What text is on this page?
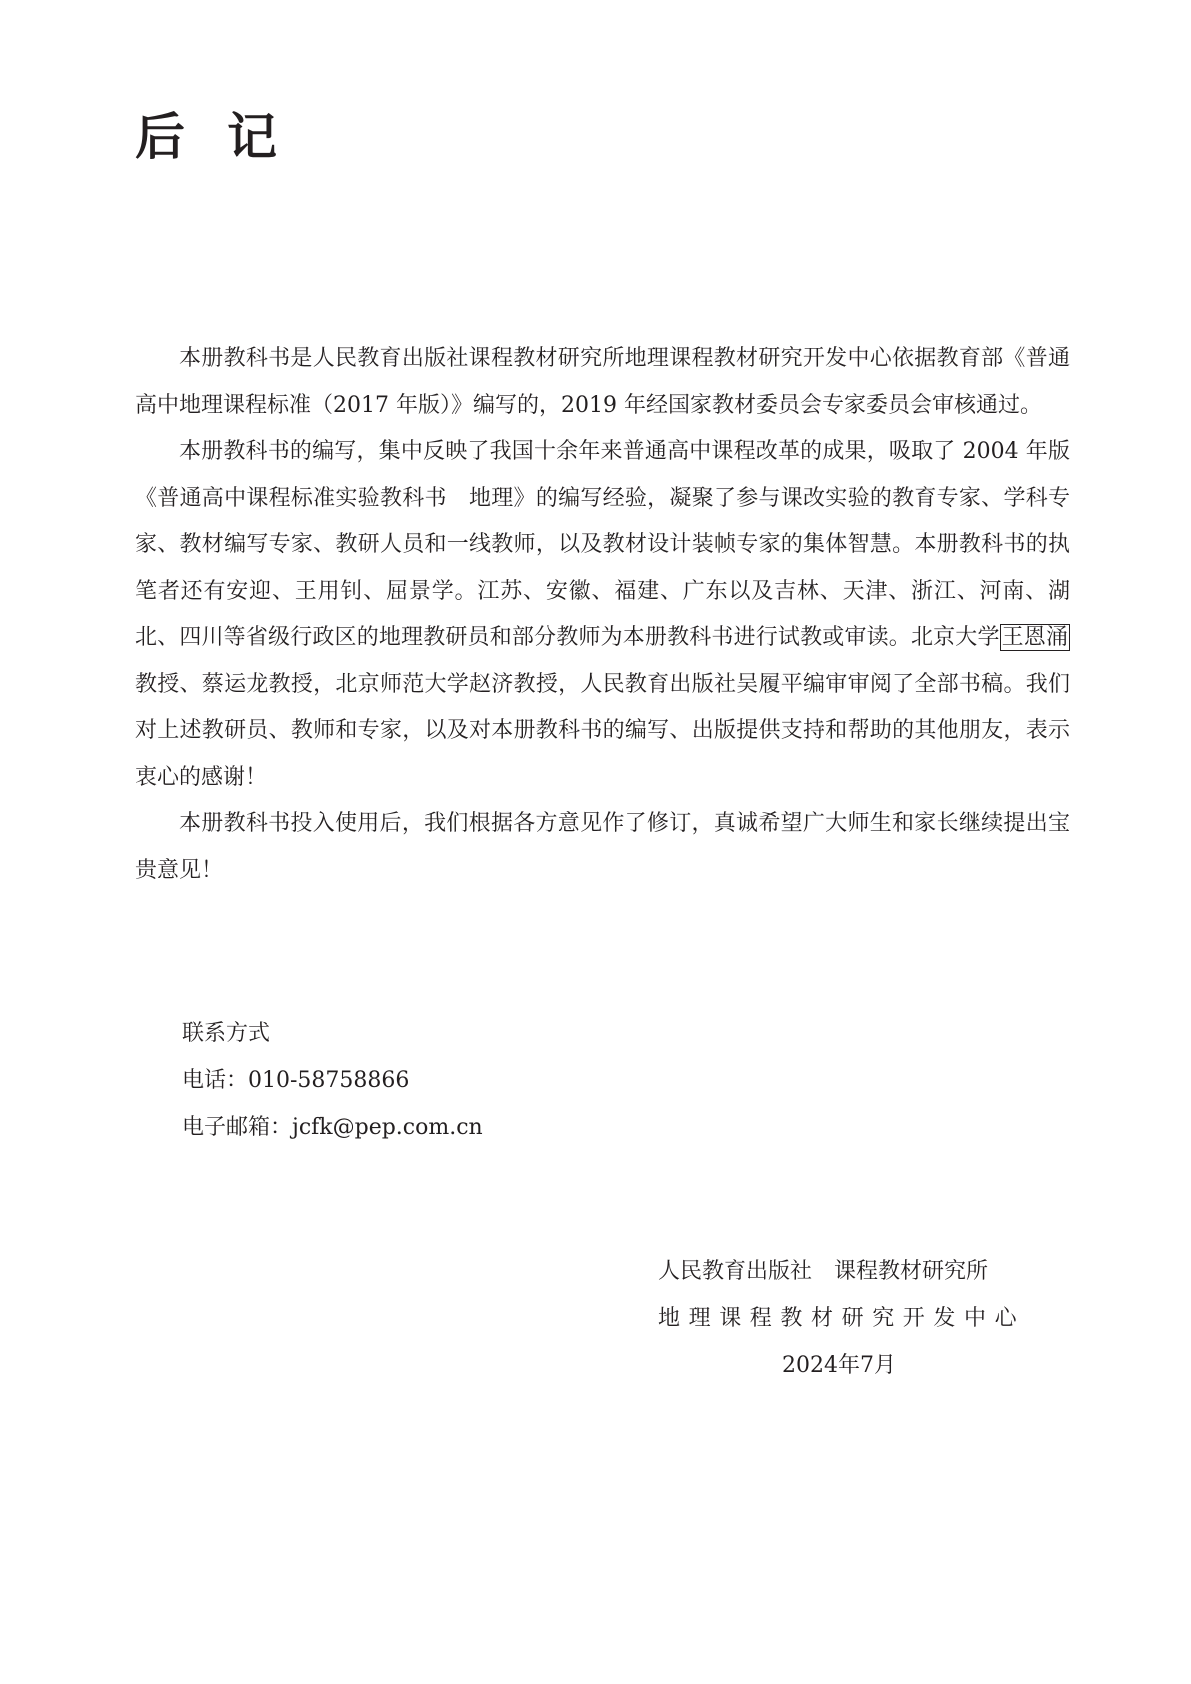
后记

本册教科书是人民教育出版社课程教材研究所地理课程教材研究开发中心依据教育部《普通高中地理课程标准（2017 年版）》编写的，2019 年经国家教材委员会专家委员会审核通过。

本册教科书的编写，集中反映了我国十余年来普通高中课程改革的成果，吸取了 2004 年版《普通高中课程标准实验教科书　地理》的编写经验，凝聚了参与课改实验的教育专家、学科专家、教材编写专家、教研人员和一线教师，以及教材设计装帧专家的集体智慧。本册教科书的执笔者还有安迎、王用钊、屈景学。江苏、安徽、福建、广东以及吉林、天津、浙江、河南、湖北、四川等省级行政区的地理教研员和部分教师为本册教科书进行试教或审读。北京大学王恩涌教授、蔡运龙教授，北京师范大学赵济教授，人民教育出版社吴履平编审审阅了全部书稿。我们对上述教研员、教师和专家，以及对本册教科书的编写、出版提供支持和帮助的其他朋友，表示衷心的感谢！

本册教科书投入使用后，我们根据各方意见作了修订，真诚希望广大师生和家长继续提出宝贵意见！

联系方式
电话：010-58758866
电子邮箱：jcfk@pep.com.cn
人民教育出版社　课程教材研究所
地理课程教材研究开发中心
2024年7月
